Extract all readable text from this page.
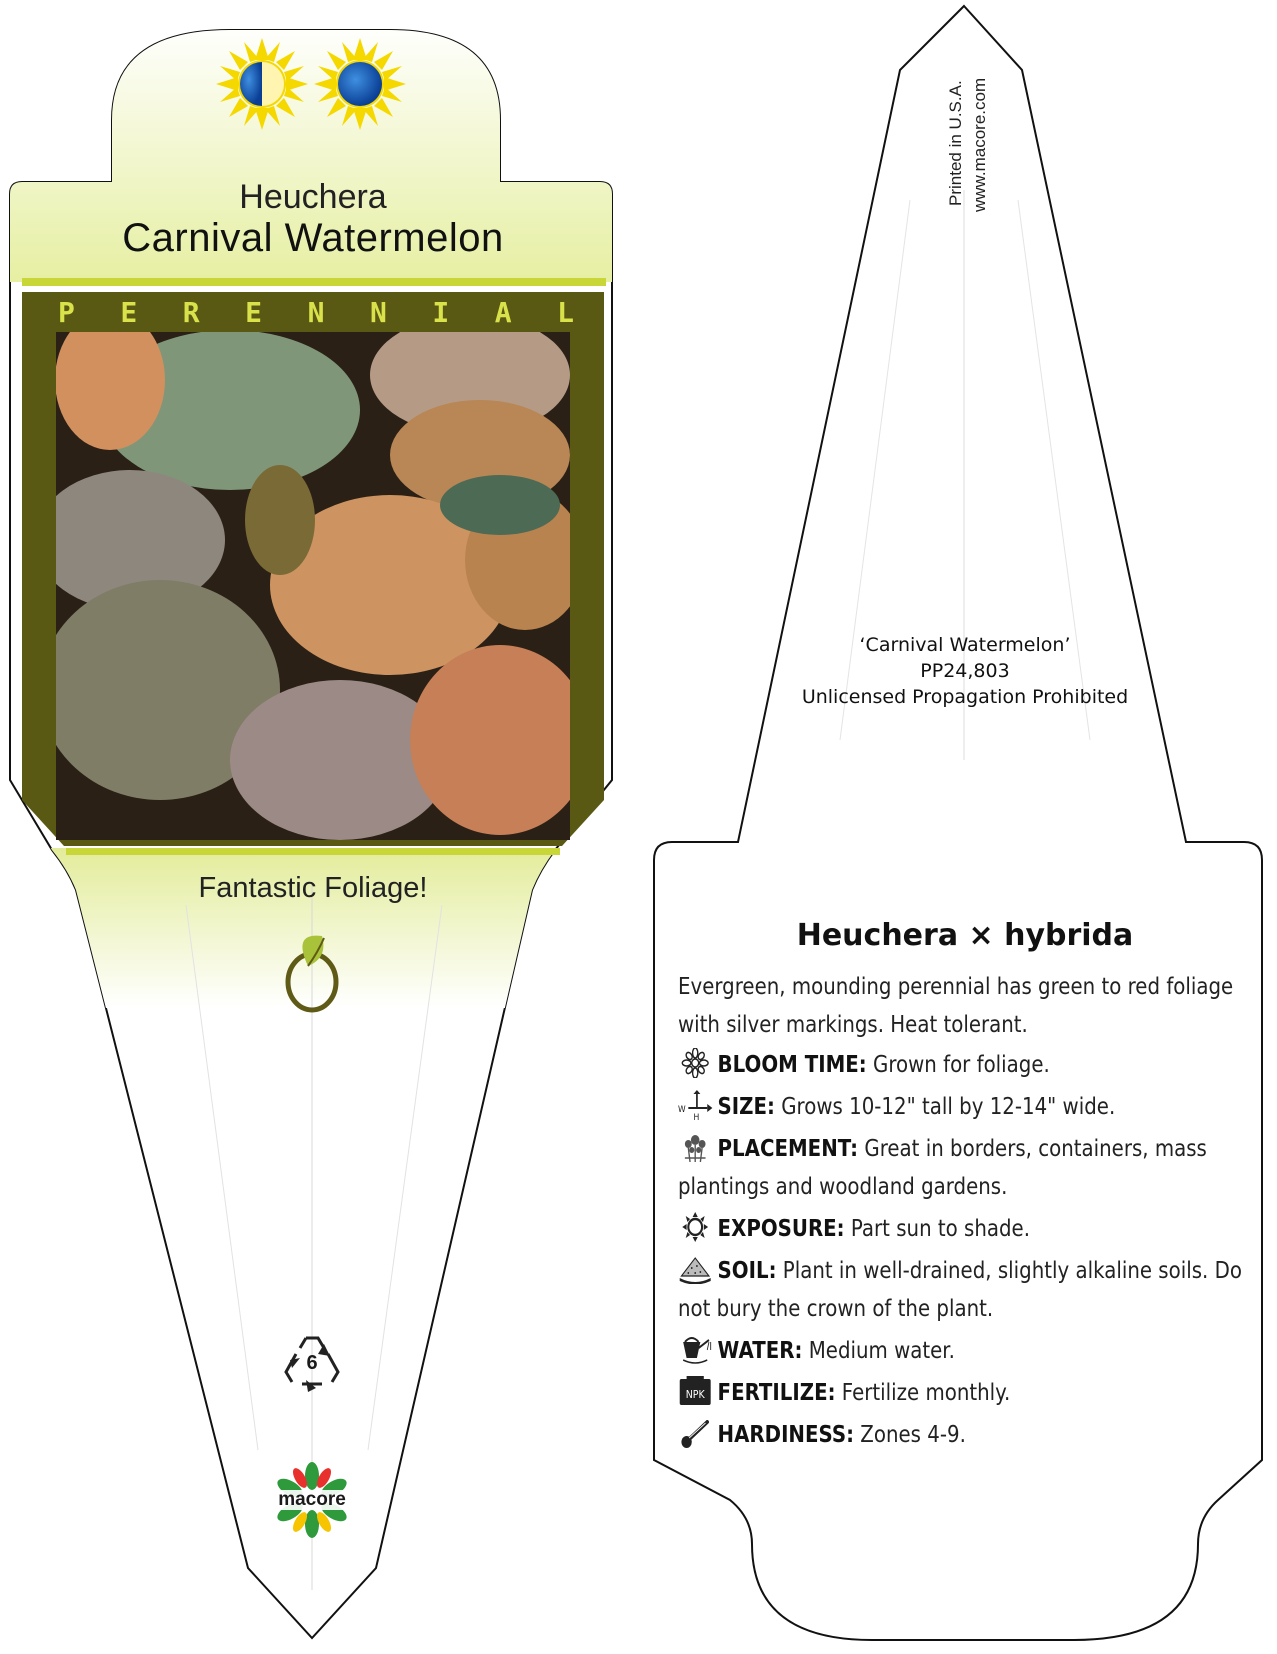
Heuchera
Carnival Watermelon
P E R E N N I A L
Fantastic Foliage!
6
macore
Printed in U.S.A. www.macore.com
‘Carnival Watermelon’
PP24,803
Unlicensed Propagation Prohibited
Heuchera × hybrida
Evergreen, mounding perennial has green to red foliage with silver markings. Heat tolerant.
BLOOM TIME: Grown for foliage.
W
H SIZE: Grows 10-12" tall by 12-14" wide.
PLACEMENT: Great in borders, containers, mass plantings and woodland gardens.
EXPOSURE: Part sun to shade.
SOIL: Plant in well-drained, slightly alkaline soils. Do not bury the crown of the plant.
WATER: Medium water.
NPK FERTILIZE: Fertilize monthly.
HARDINESS: Zones 4-9.
